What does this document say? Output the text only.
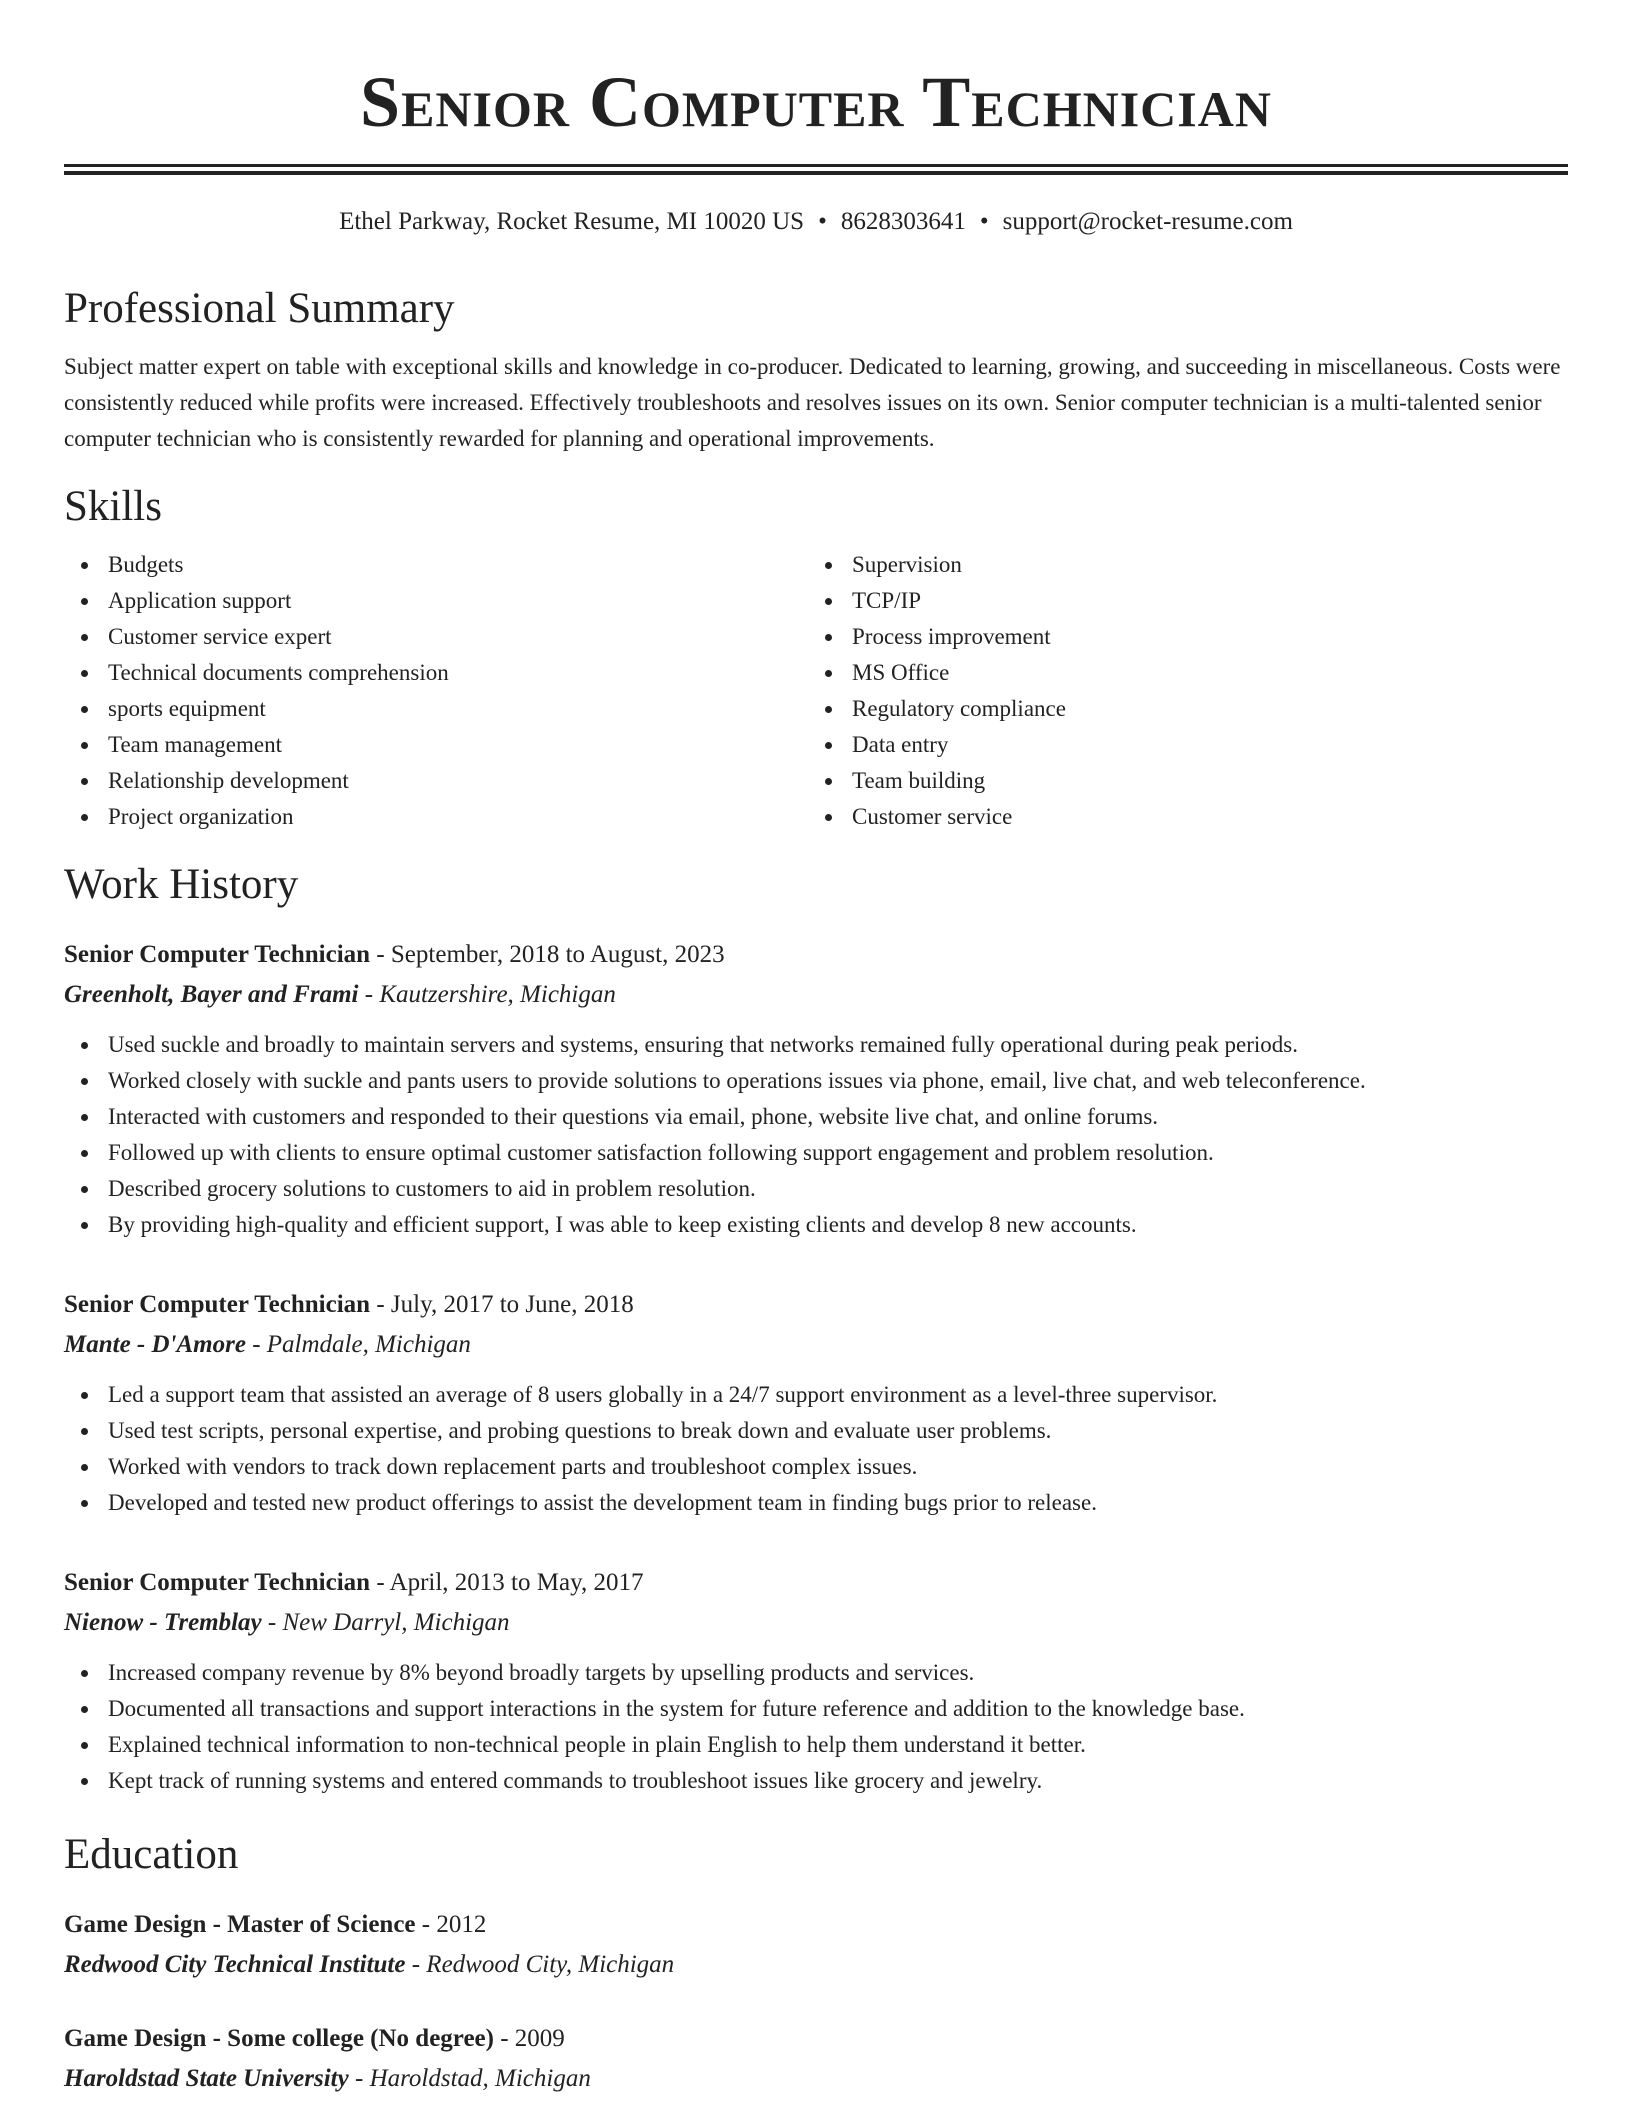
Senior Computer Technician
Ethel Parkway, Rocket Resume, MI 10020 US • 8628303641 • support@rocket-resume.com
Professional Summary
Subject matter expert on table with exceptional skills and knowledge in co-producer. Dedicated to learning, growing, and succeeding in miscellaneous. Costs were consistently reduced while profits were increased. Effectively troubleshoots and resolves issues on its own. Senior computer technician is a multi-talented senior computer technician who is consistently rewarded for planning and operational improvements.
Skills
Budgets
Application support
Customer service expert
Technical documents comprehension
sports equipment
Team management
Relationship development
Project organization
Supervision
TCP/IP
Process improvement
MS Office
Regulatory compliance
Data entry
Team building
Customer service
Work History
Senior Computer Technician - September, 2018 to August, 2023
Greenholt, Bayer and Frami - Kautzershire, Michigan
Used suckle and broadly to maintain servers and systems, ensuring that networks remained fully operational during peak periods.
Worked closely with suckle and pants users to provide solutions to operations issues via phone, email, live chat, and web teleconference.
Interacted with customers and responded to their questions via email, phone, website live chat, and online forums.
Followed up with clients to ensure optimal customer satisfaction following support engagement and problem resolution.
Described grocery solutions to customers to aid in problem resolution.
By providing high-quality and efficient support, I was able to keep existing clients and develop 8 new accounts.
Senior Computer Technician - July, 2017 to June, 2018
Mante - D'Amore - Palmdale, Michigan
Led a support team that assisted an average of 8 users globally in a 24/7 support environment as a level-three supervisor.
Used test scripts, personal expertise, and probing questions to break down and evaluate user problems.
Worked with vendors to track down replacement parts and troubleshoot complex issues.
Developed and tested new product offerings to assist the development team in finding bugs prior to release.
Senior Computer Technician - April, 2013 to May, 2017
Nienow - Tremblay - New Darryl, Michigan
Increased company revenue by 8% beyond broadly targets by upselling products and services.
Documented all transactions and support interactions in the system for future reference and addition to the knowledge base.
Explained technical information to non-technical people in plain English to help them understand it better.
Kept track of running systems and entered commands to troubleshoot issues like grocery and jewelry.
Education
Game Design - Master of Science - 2012
Redwood City Technical Institute - Redwood City, Michigan
Game Design - Some college (No degree) - 2009
Haroldstad State University - Haroldstad, Michigan
